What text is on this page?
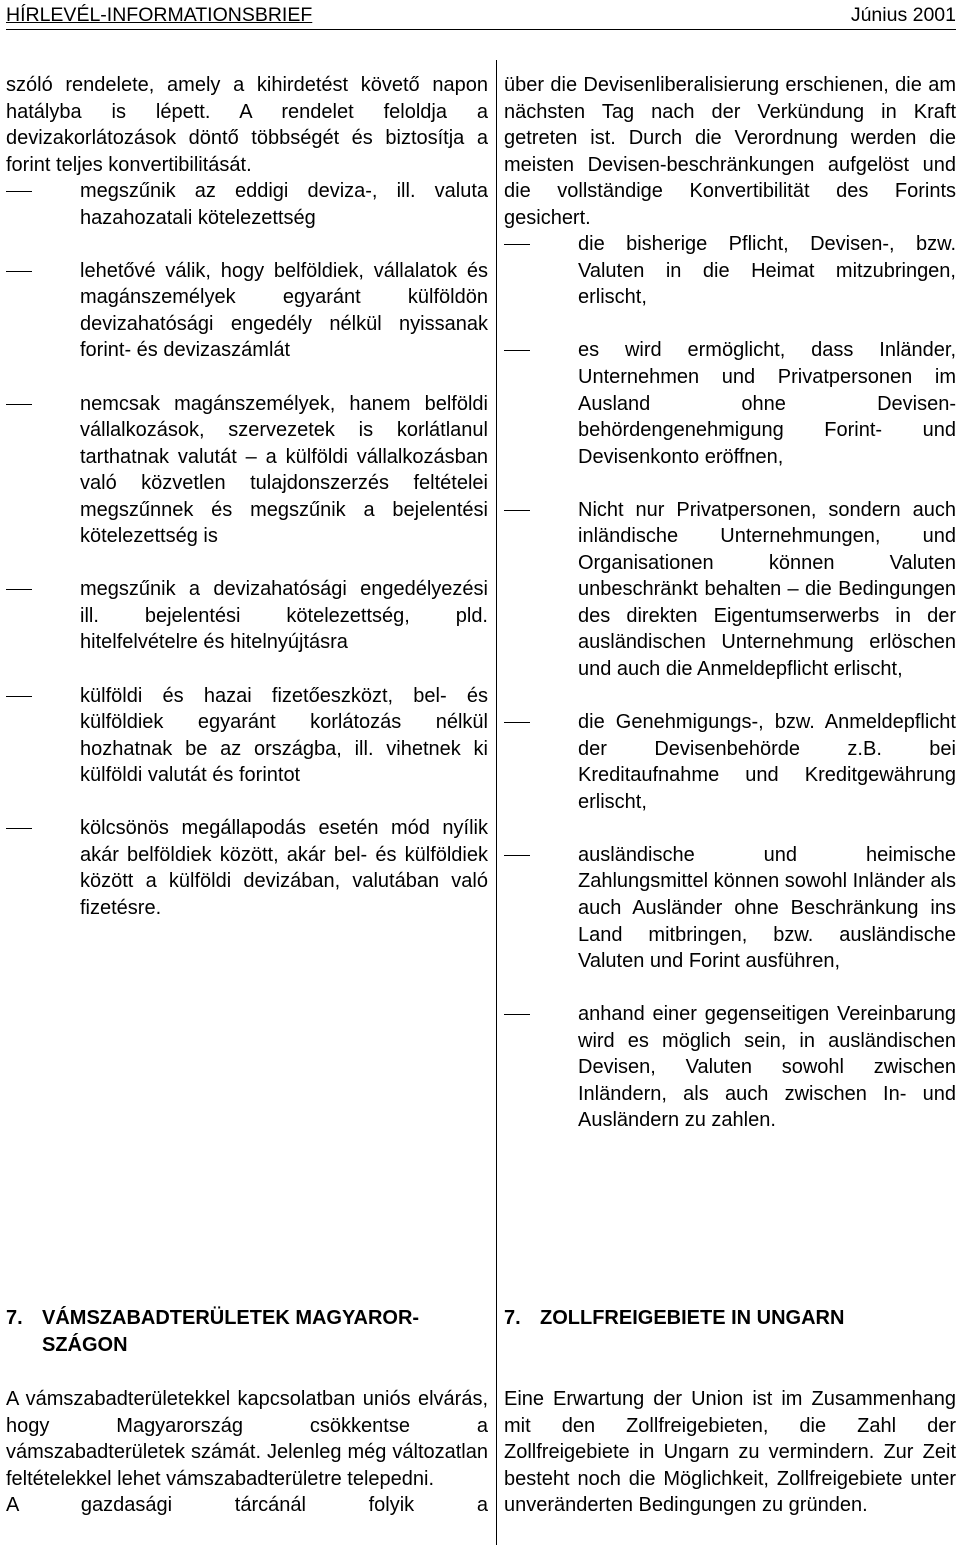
HÍRLEVÉL-INFORMATIONSBRIEF	Június 2001

szóló rendelete, amely a kihirdetést követő napon hatályba is lépett. A rendelet feloldja a devizakorlátozások döntő többségét és biztosítja a forint teljes konvertibilitását.

megszűnik az eddigi deviza-, ill. valuta hazahozatali kötelezettség

lehetővé válik, hogy belföldiek, vállalatok és magánszemélyek egyaránt külföldön devizahatósági engedély nélkül nyissanak forint- és devizaszámlát

nemcsak magánszemélyek, hanem belföldi vállalkozások, szervezetek is korlátlanul tarthatnak valutát – a külföldi vállalkozásban való közvetlen tulajdonszerzés feltételei megszűnnek és megszűnik a bejelentési kötelezettség is

megszűnik a devizahatósági engedélyezési ill. bejelentési kötelezettség, pld. hitelfelvételre és hitelnyújtásra

külföldi és hazai fizetőeszközt, bel- és külföldiek egyaránt korlátozás nélkül hozhatnak be az országba, ill. vihetnek ki külföldi valutát és forintot

kölcsönös megállapodás esetén mód nyílik akár belföldiek között, akár bel- és külföldiek között a külföldi devizában, valutában való fizetésre.

über die Devisenliberalisierung erschienen, die am nächsten Tag nach der Verkündung in Kraft getreten ist. Durch die Verordnung werden die meisten Devisen-beschränkungen aufgelöst und die vollständige Konvertibilität des Forints gesichert.

die bisherige Pflicht, Devisen-, bzw. Valuten in die Heimat mitzubringen, erlischt,

es wird ermöglicht, dass Inländer, Unternehmen und Privatpersonen im Ausland ohne Devisen-behördengenehmigung Forint- und Devisenkonto eröffnen,

Nicht nur Privatpersonen, sondern auch inländische Unternehmungen, und Organisationen können Valuten unbeschränkt behalten – die Bedingungen des direkten Eigentumserwerbs in der ausländischen Unternehmung erlöschen und auch die Anmeldepflicht erlischt,

die Genehmigungs-, bzw. Anmeldepflicht der Devisenbehörde z.B. bei Kreditaufnahme und Kreditgewährung erlischt,

ausländische und heimische Zahlungsmittel können sowohl Inländer als auch Ausländer ohne Beschränkung ins Land mitbringen, bzw. ausländische Valuten und Forint ausführen,

anhand einer gegenseitigen Vereinbarung wird es möglich sein, in ausländischen Devisen, Valuten sowohl zwischen Inländern, als auch zwischen In- und Ausländern zu zahlen.

7. VÁMSZABADTERÜLETEK MAGYAROR-
SZÁGON
7. ZOLLFREIGEBIETE IN UNGARN

A vámszabadterületekkel kapcsolatban uniós elvárás, hogy Magyarország csökkentse a vámszabadterületek számát. Jelenleg még változatlan feltételekkel lehet vámszabadterületre telepedni.

A gazdasági tárcánál folyik a

Eine Erwartung der Union ist im Zusammenhang mit den Zollfreigebieten, die Zahl der Zollfreigebiete in Ungarn zu vermindern. Zur Zeit besteht noch die Möglichkeit, Zollfreigebiete unter unveränderten Bedingungen zu gründen.
